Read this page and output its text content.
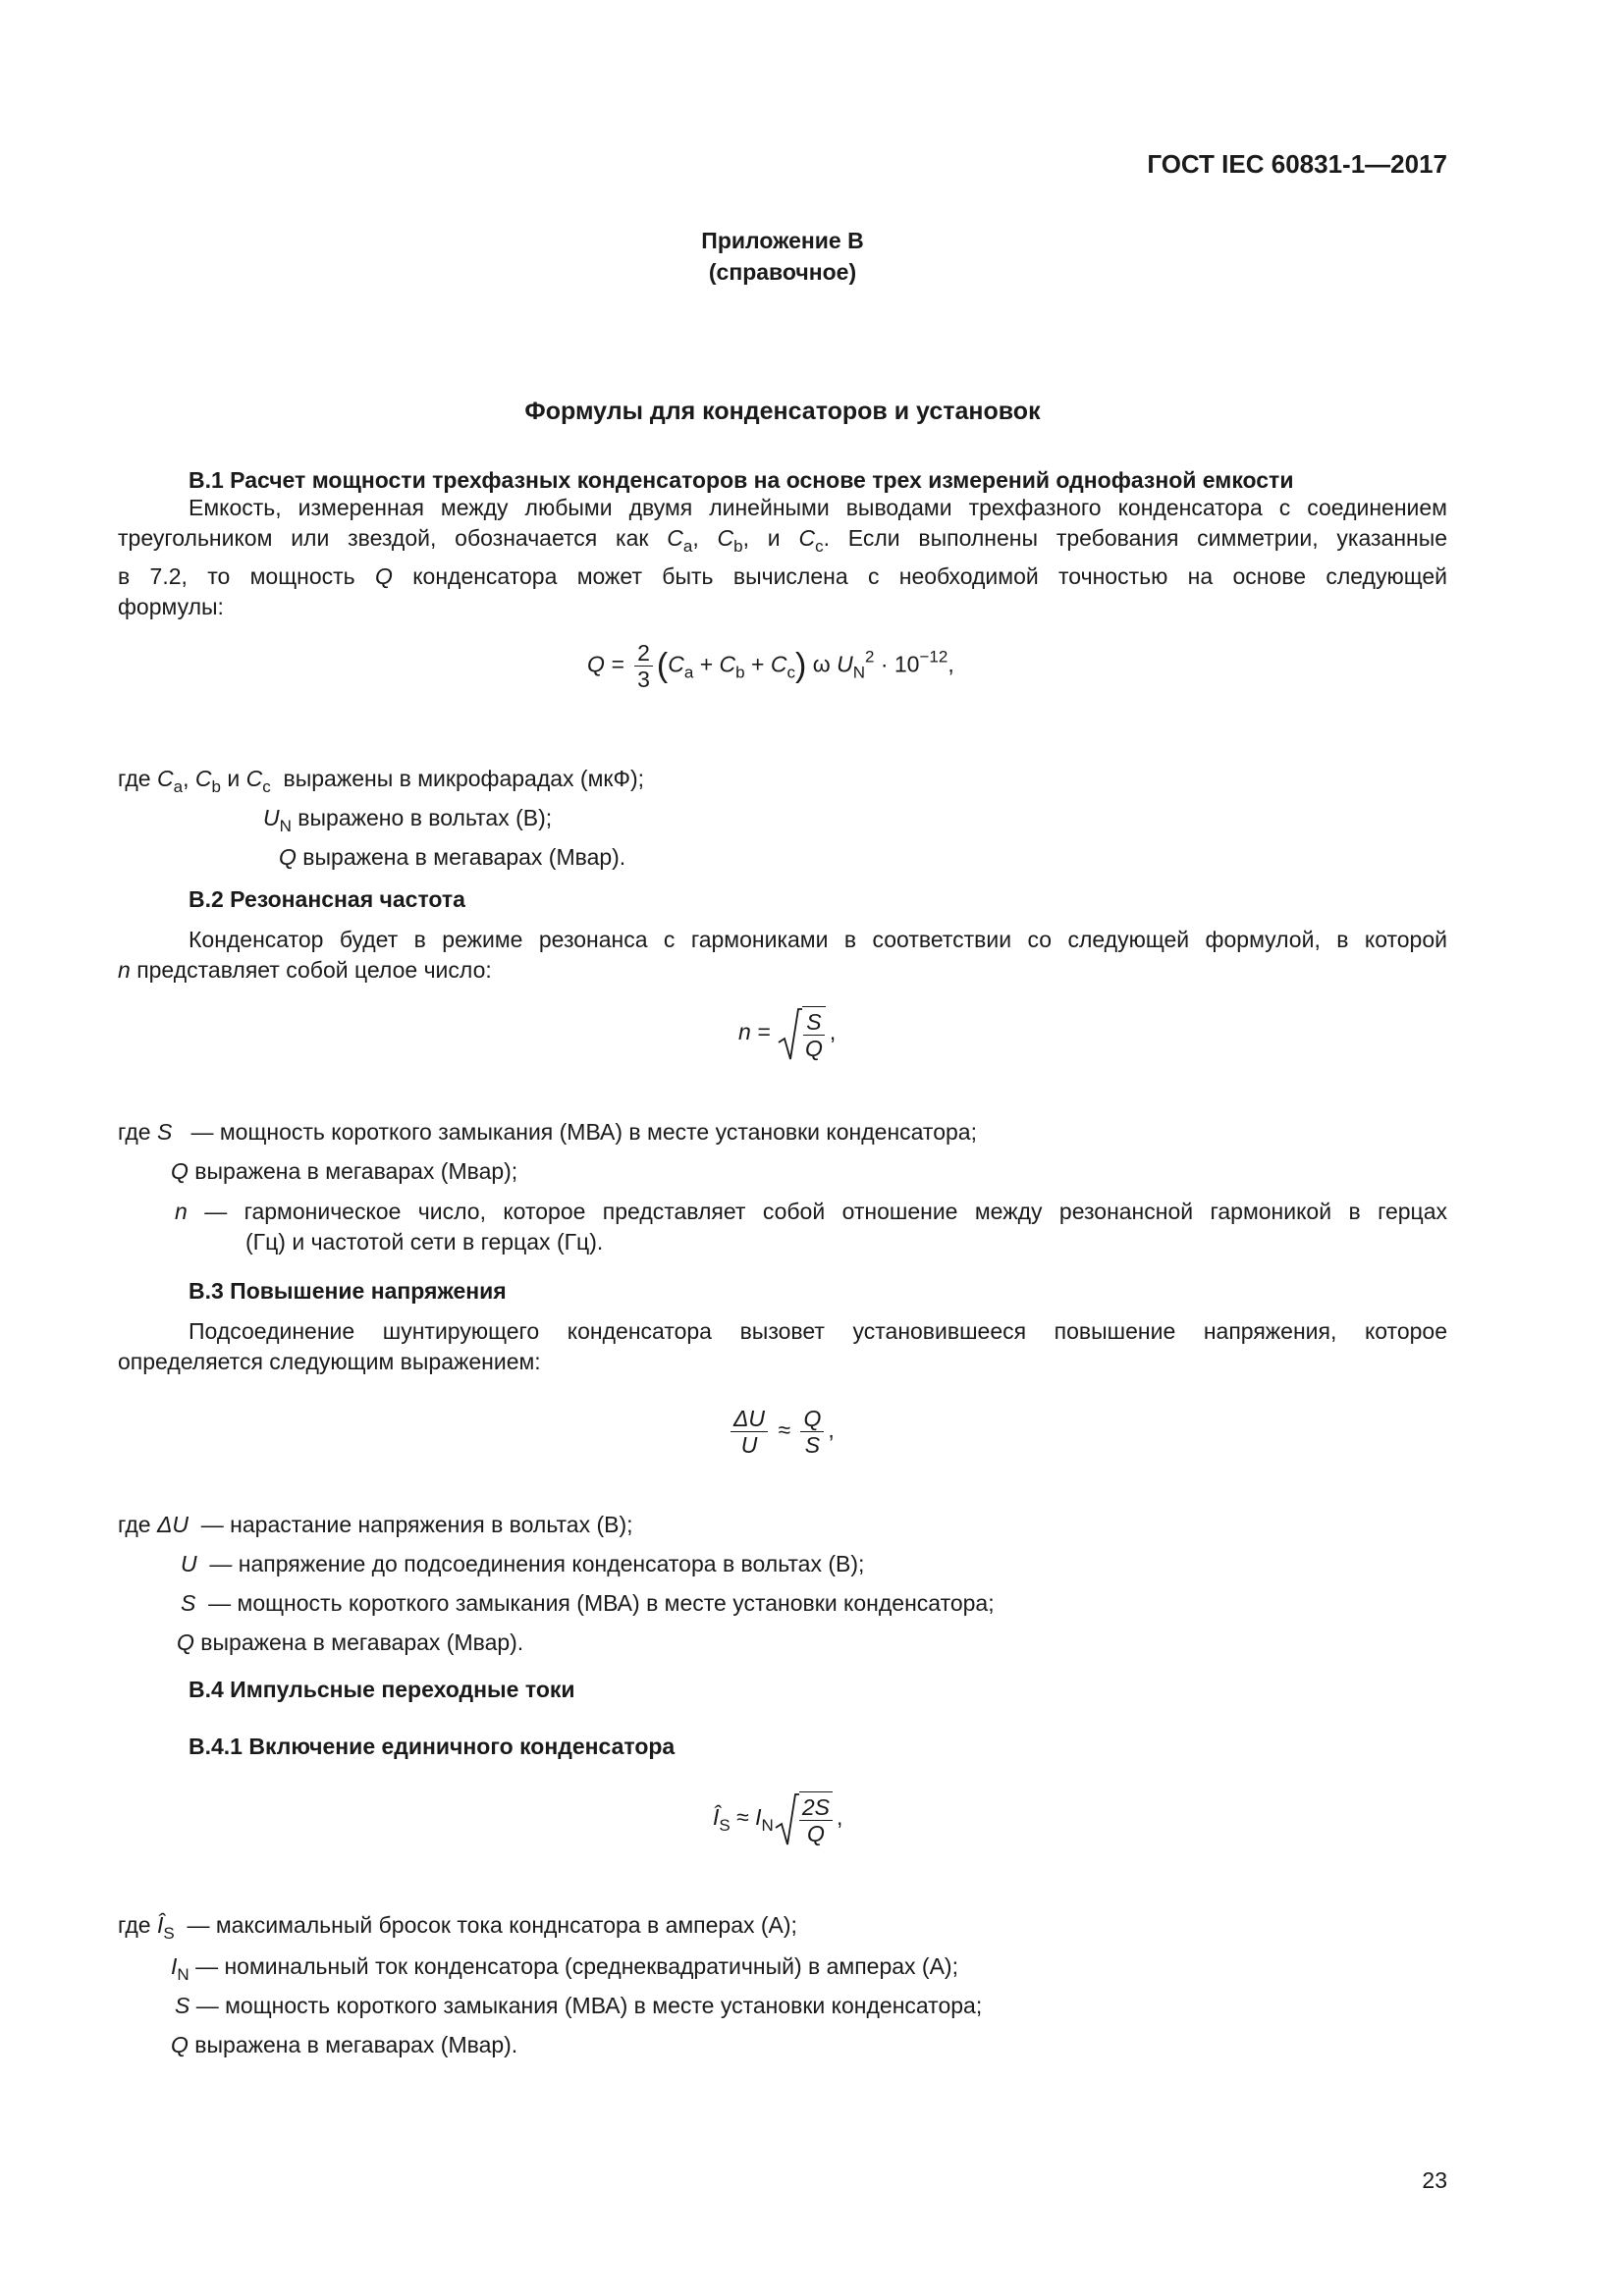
ГОСТ IEC 60831-1—2017
Приложение В
(справочное)
Формулы для конденсаторов и установок
В.1 Расчет мощности трехфазных конденсаторов на основе трех измерений однофазной емкости
Емкость, измеренная между любыми двумя линейными выводами трехфазного конденсатора с соединением
треугольником или звездой, обозначается как $C_a$, $C_b$, и $C_c$. Если выполнены требования симметрии, указанные
в 7.2, то мощность Q конденсатора может быть вычислена с необходимой точностью на основе следующей
формулы:
$Q = \frac{2}{3} (C_a + C_b + C_c)$ ω $U_N^2 \cdot 10^{-12}$,
где $C_a$, $C_b$ и $C_c$ выражены в микрофарадах (мкФ);
$U_N$ выражено в вольтах (В);
Q выражена в мегаварах (Мвар).
В.2 Резонансная частота
Конденсатор будет в режиме резонанса с гармониками в соответствии со следующей формулой, в которой
n представляет собой целое число:
$n = \frac{S}{Q}$ ,
где S — мощность короткого замыкания (МВА) в месте установки конденсатора;
Q выражена в мегаварах (Мвар);
n — гармоническое число, которое представляет собой отношение между резонансной гармоникой в герцах
(Гц) и частотой сети в герцах (Гц).
В.3 Повышение напряжения
Подсоединение шунтирующего конденсатора вызовет установившееся повышение напряжения, которое
определяется следующим выражением:
$\frac{\Delta U}{U} \approx \frac{Q}{S}$ ,
где ΔU — нарастание напряжения в вольтах (В);
U — напряжение до подсоединения конденсатора в вольтах (В);
S — мощность короткого замыкания (МВА) в месте установки конденсатора;
Q выражена в мегаварах (Мвар).
В.4 Импульсные переходные токи
В.4.1 Включение единичного конденсатора
$Î_S \approx I_N \frac{2S}{Q}$ ,
где $Î_S$ — максимальный бросок тока конднсатора в амперах (А);
$I_N$ — номинальный ток конденсатора (среднеквадратичный) в амперах (А);
S — мощность короткого замыкания (МВА) в месте установки конденсатора;
Q выражена в мегаварах (Мвар).
23
